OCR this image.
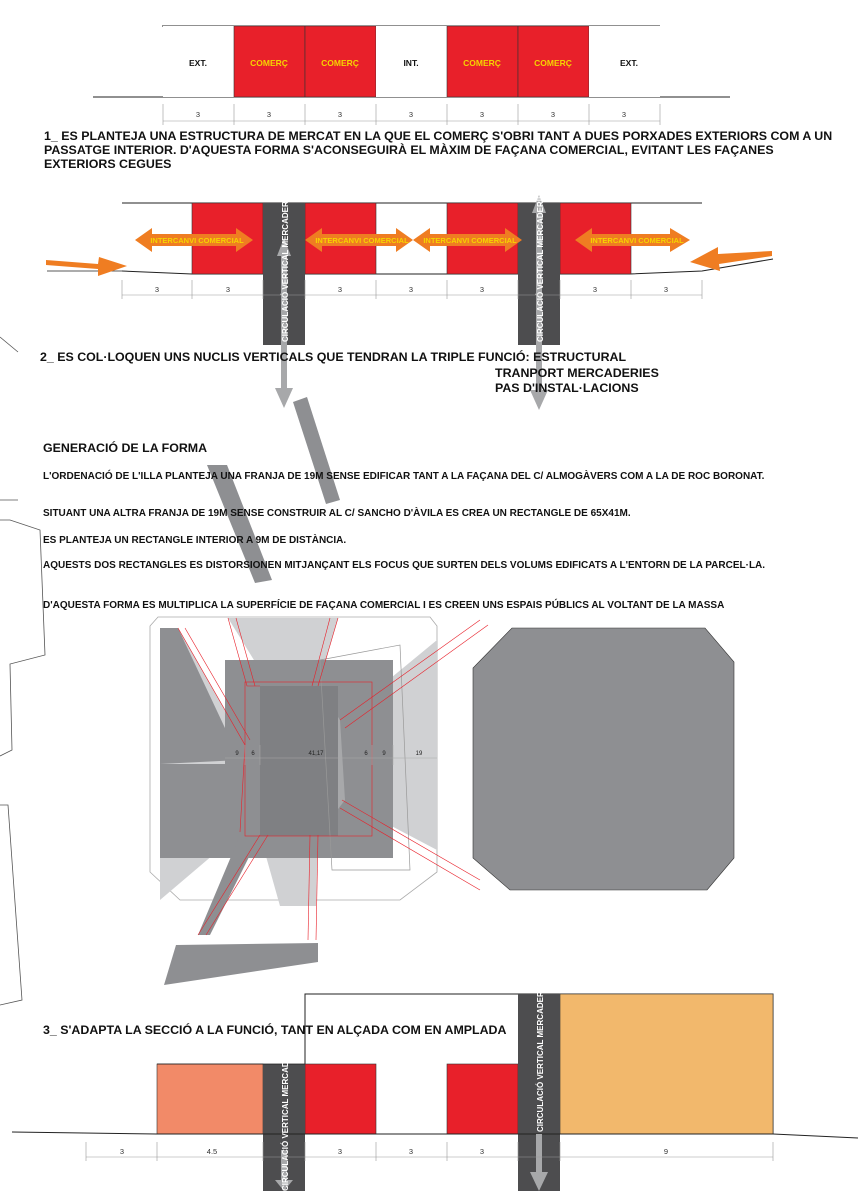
EXT.	COMERÇ	COMERÇ	INT.	COMERÇ	COMERÇ	EXT.
3	3	3	3	3	3	3
INTERCANVI COMERCIAL	INTERCANVI COMERCIAL INTERCANVI COMERCIAL	INTERCANVI COMERCIAL
CIRCULACIÓ VERTICAL MERCADERIES	CIRCULACIÓ VERTICAL MERCADERIES
3	3	3	3	3	3	3
9 6	41,17	6 9	19
CIRCULACIÓ VERTICAL MERCADERIES
CIRCULACIÓ VERTICAL MERCADERIES
3	4.5	3	3	3	9

1_ ES PLANTEJA UNA ESTRUCTURA DE MERCAT EN LA QUE EL COMERÇ S'OBRI TANT A DUES PORXADES EXTERIORS COM A UN PASSATGE INTERIOR. D'AQUESTA FORMA S'ACONSEGUIRÀ EL MÀXIM DE FAÇANA COMERCIAL, EVITANT LES FAÇANES EXTERIORS CEGUES

2_ ES COL·LOQUEN UNS NUCLIS VERTICALS QUE TENDRAN LA TRIPLE FUNCIÓ: ESTRUCTURAL

TRANPORT MERCADERIES

PAS D'INSTAL·LACIONS

GENERACIÓ DE LA FORMA

L'ORDENACIÓ DE L'ILLA PLANTEJA UNA FRANJA DE 19M SENSE EDIFICAR TANT A LA FAÇANA DEL C/ ALMOGÀVERS COM A LA DE ROC BORONAT.

SITUANT UNA ALTRA FRANJA DE 19M SENSE CONSTRUIR AL C/ SANCHO D'ÀVILA ES CREA UN RECTANGLE DE 65X41M.

ES PLANTEJA UN RECTANGLE INTERIOR A 9M DE DISTÀNCIA.

AQUESTS DOS RECTANGLES ES DISTORSIONEN MITJANÇANT ELS FOCUS QUE SURTEN DELS VOLUMS EDIFICATS A L'ENTORN DE LA PARCEL·LA.

D'AQUESTA FORMA ES MULTIPLICA LA SUPERFÍCIE DE FAÇANA COMERCIAL I ES CREEN UNS ESPAIS PÚBLICS AL VOLTANT DE LA MASSA

3_ S'ADAPTA LA SECCIÓ A LA FUNCIÓ, TANT EN ALÇADA COM EN AMPLADA
